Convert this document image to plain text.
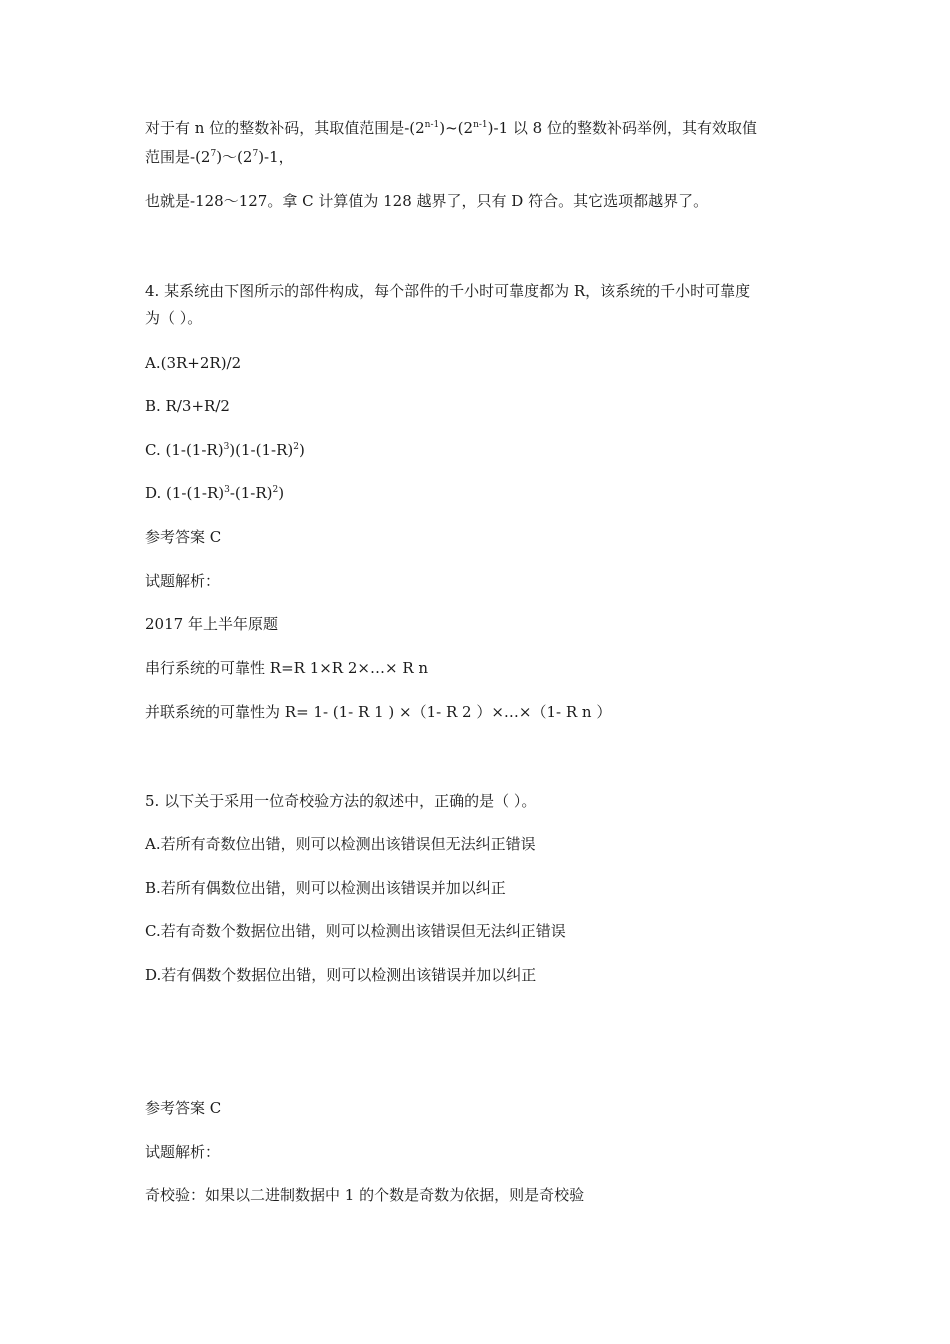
对于有 n 位的整数补码，其取值范围是-(2$^{n-1}$)~(2$^{n-1}$)-1 以 8 位的整数补码举例，其有效取值
范围是$-(2^7)\sim(2^7)-1$，
也就是-128～127。拿 C 计算值为 128 越界了，只有 D 符合。其它选项都越界了。
4. 某系统由下图所示的部件构成，每个部件的千小时可靠度都为 R，该系统的千小时可靠度
为（ ）。
A.(3R+2R)/2
B. R/3+R/2
C. $(1-(1-R)^3)(1-(1-R)^2)$
D. $(1-(1-R)^3-(1-R)^2)$
参考答案 C
试题解析：
2017 年上半年原题
串行系统的可靠性 R=R 1×R 2×…× R n
并联系统的可靠性为 R= 1- (1- R 1 ) ×（1- R 2 ）×…×（1- R n ）
5. 以下关于采用一位奇校验方法的叙述中，正确的是（ ）。
A.若所有奇数位出错，则可以检测出该错误但无法纠正错误
B.若所有偶数位出错，则可以检测出该错误并加以纠正
C.若有奇数个数据位出错，则可以检测出该错误但无法纠正错误
D.若有偶数个数据位出错，则可以检测出该错误并加以纠正
参考答案 C
试题解析：
奇校验：如果以二进制数据中 1 的个数是奇数为依据，则是奇校验
